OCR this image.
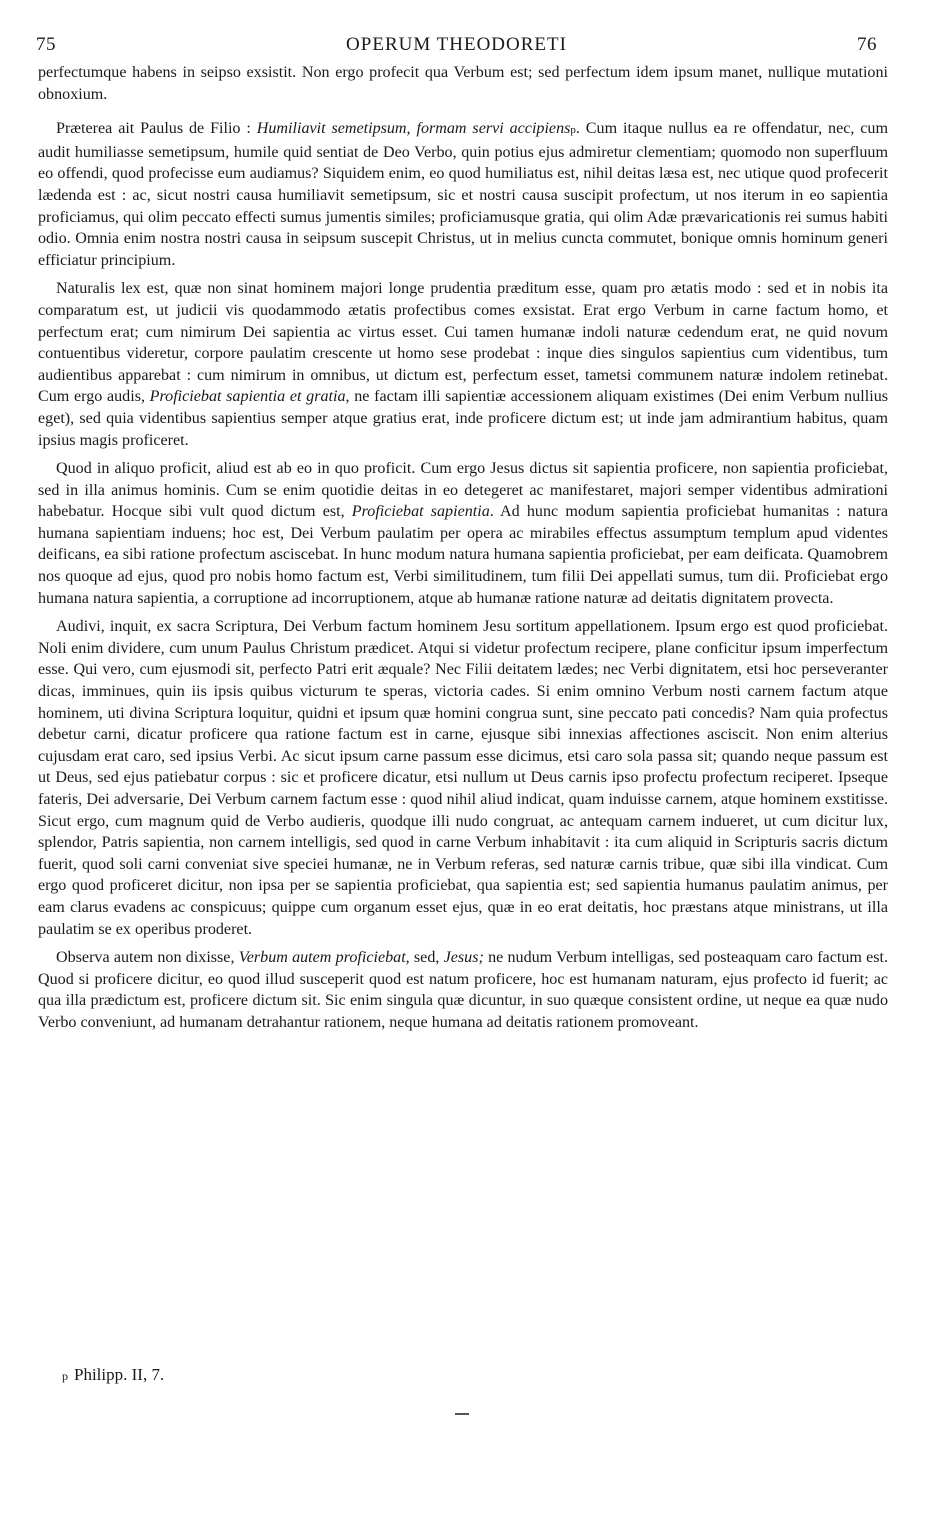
75	OPERUM THEODORETI	76

perfectumque habens in seipso exsistit. Non ergo profecit qua Verbum est; sed perfectum idem ipsum manet, nullique mutationi obnoxium.

Præterea ait Paulus de Filio : Humiliavit semetipsum, formam servi accipiensp. Cum itaque nullus ea re offendatur, nec, cum audit humiliasse semetipsum, humile quid sentiat de Deo Verbo, quin potius ejus admiretur clementiam; quomodo non superfluum eo offendi, quod profecisse eum audiamus? Siquidem enim, eo quod humiliatus est, nihil deitas læsa est, nec utique quod profecerit lædenda est : ac, sicut nostri causa humiliavit semetipsum, sic et nostri causa suscipit profectum, ut nos iterum in eo sapientia proficiamus, qui olim peccato effecti sumus jumentis similes; proficiamusque gratia, qui olim Adæ prævaricationis rei sumus habiti odio. Omnia enim nostra nostri causa in seipsum suscepit Christus, ut in melius cuncta commutet, bonique omnis hominum generi efficiatur principium.

Naturalis lex est, quæ non sinat hominem majori longe prudentia præditum esse, quam pro ætatis modo : sed et in nobis ita comparatum est, ut judicii vis quodammodo ætatis profectibus comes exsistat. Erat ergo Verbum in carne factum homo, et perfectum erat; cum nimirum Dei sapientia ac virtus esset. Cui tamen humanæ indoli naturæ cedendum erat, ne quid novum contuentibus videretur, corpore paulatim crescente ut homo sese prodebat : inque dies singulos sapientius cum videntibus, tum audientibus apparebat : cum nimirum in omnibus, ut dictum est, perfectum esset, tametsi communem naturæ indolem retinebat. Cum ergo audis, Proficiebat sapientia et gratia, ne factam illi sapientiæ accessionem aliquam existimes (Dei enim Verbum nullius eget), sed quia videntibus sapientius semper atque gratius erat, inde proficere dictum est; ut inde jam admirantium habitus, quam ipsius magis proficeret.

Quod in aliquo proficit, aliud est ab eo in quo proficit. Cum ergo Jesus dictus sit sapientia proficere, non sapientia proficiebat, sed in illa animus hominis. Cum se enim quotidie deitas in eo detegeret ac manifestaret, majori semper videntibus admirationi habebatur. Hocque sibi vult quod dictum est, Proficiebat sapientia. Ad hunc modum sapientia proficiebat humanitas : natura humana sapientiam induens; hoc est, Dei Verbum paulatim per opera ac mirabiles effectus assumptum templum apud videntes deificans, ea sibi ratione profectum asciscebat. In hunc modum natura humana sapientia proficiebat, per eam deificata. Quamobrem nos quoque ad ejus, quod pro nobis homo factum est, Verbi similitudinem, tum filii Dei appellati sumus, tum dii. Proficiebat ergo humana natura sapientia, a corruptione ad incorruptionem, atque ab humanæ ratione naturæ ad deitatis dignitatem provecta.

Audivi, inquit, ex sacra Scriptura, Dei Verbum factum hominem Jesu sortitum appellationem. Ipsum ergo est quod proficiebat. Noli enim dividere, cum unum Paulus Christum prædicet. Atqui si videtur profectum recipere, plane conficitur ipsum imperfectum esse. Qui vero, cum ejusmodi sit, perfecto Patri erit æquale? Nec Filii deitatem lædes; nec Verbi dignitatem, etsi hoc perseveranter dicas, imminues, quin iis ipsis quibus victurum te speras, victoria cades. Si enim omnino Verbum nosti carnem factum atque hominem, uti divina Scriptura loquitur, quidni et ipsum quæ homini congrua sunt, sine peccato pati concedis? Nam quia profectus debetur carni, dicatur proficere qua ratione factum est in carne, ejusque sibi innexias affectiones asciscit. Non enim alterius cujusdam erat caro, sed ipsius Verbi. Ac sicut ipsum carne passum esse dicimus, etsi caro sola passa sit; quando neque passum est ut Deus, sed ejus patiebatur corpus : sic et proficere dicatur, etsi nullum ut Deus carnis ipso profectu profectum reciperet. Ipseque fateris, Dei adversarie, Dei Verbum carnem factum esse : quod nihil aliud indicat, quam induisse carnem, atque hominem exstitisse. Sicut ergo, cum magnum quid de Verbo audieris, quodque illi nudo congruat, ac antequam carnem indueret, ut cum dicitur lux, splendor, Patris sapientia, non carnem intelligis, sed quod in carne Verbum inhabitavit : ita cum aliquid in Scripturis sacris dictum fuerit, quod soli carni conveniat sive speciei humanæ, ne in Verbum referas, sed naturæ carnis tribue, quæ sibi illa vindicat. Cum ergo quod proficeret dicitur, non ipsa per se sapientia proficiebat, qua sapientia est; sed sapientia humanus paulatim animus, per eam clarus evadens ac conspicuus; quippe cum organum esset ejus, quæ in eo erat deitatis, hoc præstans atque ministrans, ut illa paulatim se ex operibus proderet.

Observa autem non dixisse, Verbum autem proficiebat, sed, Jesus; ne nudum Verbum intelligas, sed posteaquam caro factum est. Quod si proficere dicitur, eo quod illud susceperit quod est natum proficere, hoc est humanam naturam, ejus profecto id fuerit; ac qua illa prædictum est, proficere dictum sit. Sic enim singula quæ dicuntur, in suo quæque consistent ordine, ut neque ea quæ nudo Verbo conveniunt, ad humanam detrahantur rationem, neque humana ad deitatis rationem promoveant.

p Philipp. II, 7.
